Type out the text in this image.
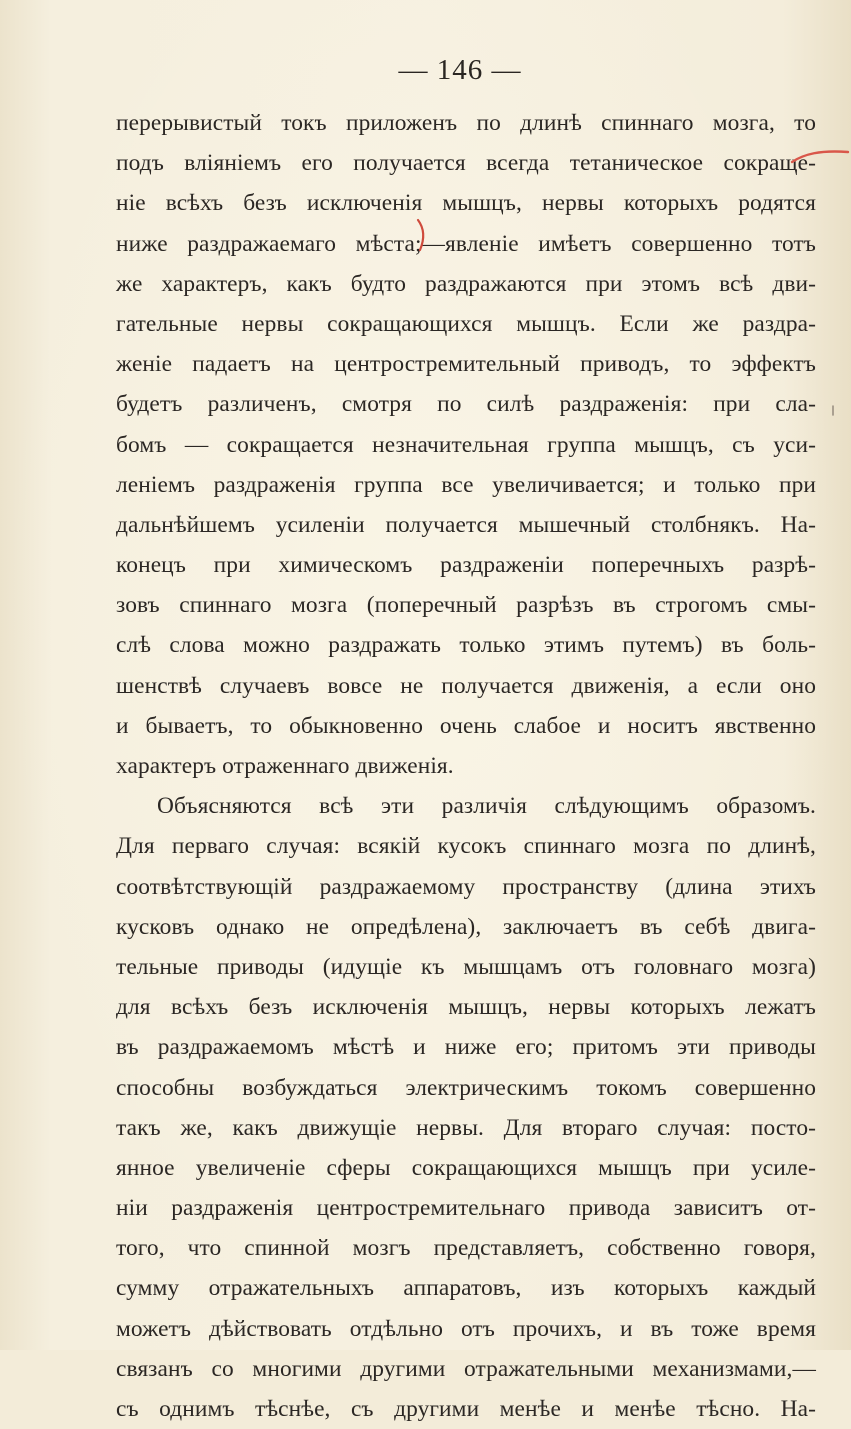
— 146 —
перерывистый токъ приложенъ по длинѣ спиннаго мозга, то
подъ вліяніемъ его получается всегда тетаническое сокраще-
ніе всѣхъ безъ исключенія мышцъ, нервы которыхъ родятся
ниже раздражаемаго мѣста;—явленіе имѣетъ совершенно тотъ
же характеръ, какъ будто раздражаются при этомъ всѣ дви-
гательные нервы сокращающихся мышцъ. Если же раздра-
женіе падаетъ на центростремительный приводъ, то эффектъ
будетъ различенъ, смотря по силѣ раздраженія: при сла-
бомъ — сокращается незначительная группа мышцъ, съ уси-
леніемъ раздраженія группа все увеличивается; и только при
дальнѣйшемъ усиленіи получается мышечный столбнякъ. На-
конецъ при химическомъ раздраженіи поперечныхъ разрѣ-
зовъ спиннаго мозга (поперечный разрѣзъ въ строгомъ смы-
слѣ слова можно раздражать только этимъ путемъ) въ боль-
шенствѣ случаевъ вовсе не получается движенія, а если оно
и бываетъ, то обыкновенно очень слабое и носитъ явственно
характеръ отраженнаго движенія.
Объясняются всѣ эти различія слѣдующимъ образомъ.
Для перваго случая: всякій кусокъ спиннаго мозга по длинѣ,
соотвѣтствующій раздражаемому пространству (длина этихъ
кусковъ однако не опредѣлена), заключаетъ въ себѣ двига-
тельные приводы (идущіе къ мышцамъ отъ головнаго мозга)
для всѣхъ безъ исключенія мышцъ, нервы которыхъ лежатъ
въ раздражаемомъ мѣстѣ и ниже его; притомъ эти приводы
способны возбуждаться электрическимъ токомъ совершенно
такъ же, какъ движущіе нервы. Для втораго случая: посто-
янное увеличеніе сферы сокращающихся мышцъ при усиле-
ніи раздраженія центростремительнаго привода зависитъ от-
того, что спинной мозгъ представляетъ, собственно говоря,
сумму отражательныхъ аппаратовъ, изъ которыхъ каждый
можетъ дѣйствовать отдѣльно отъ прочихъ, и въ тоже время
связанъ со многими другими отражательными механизмами,—
съ однимъ тѣснѣе, съ другими менѣе и менѣе тѣсно. На-
